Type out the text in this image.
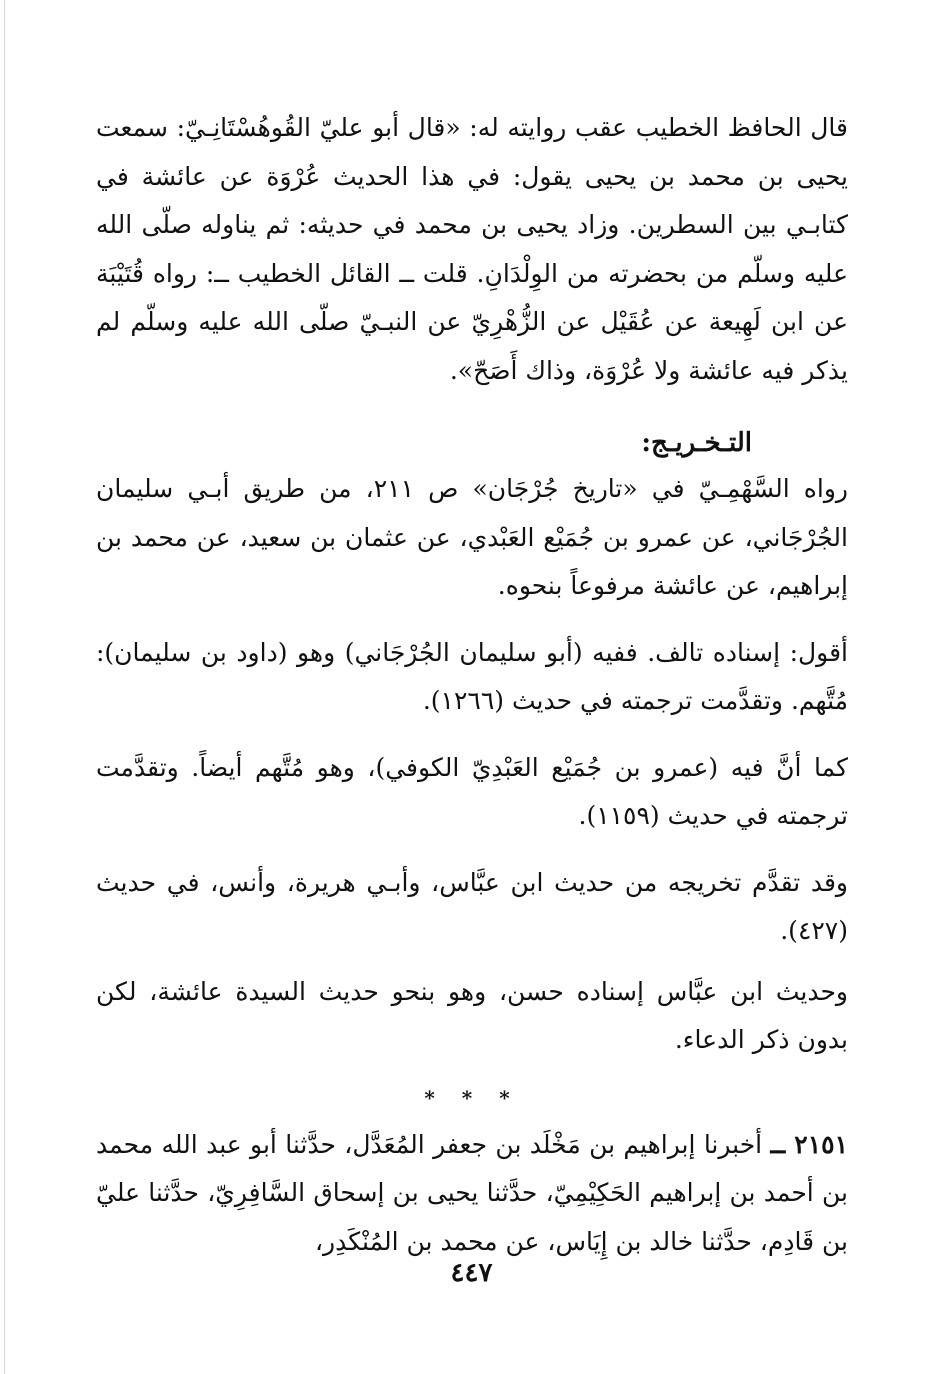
قال الحافظ الخطيب عقب روايته له: «قال أبو عليّ القُوهُسْتَانِـيّ: سمعت يحيى بن محمد بن يحيى يقول: في هذا الحديث عُرْوَة عن عائشة في كتابـي بين السطرين. وزاد يحيى بن محمد في حديثه: ثم يناوله صلّى الله عليه وسلّم من بحضرته من الوِلْدَانِ. قلت ــ القائل الخطيب ــ: رواه قُتَيْبَة عن ابن لَهِيعة عن عُقَيْل عن الزُّهْرِيّ عن النبـيّ صلّى الله عليه وسلّم لم يذكر فيه عائشة ولا عُرْوَة، وذاك أَصَحّ».

التـخـريـج:

رواه السَّهْمِـيّ في «تاريخ جُرْجَان» ص ٢١١، من طريق أبـي سليمان الجُرْجَاني، عن عمرو بن جُمَيْع العَبْدي، عن عثمان بن سعيد، عن محمد بن إبراهيم، عن عائشة مرفوعاً بنحوه.

أقول: إسناده تالف. ففيه (أبو سليمان الجُرْجَاني) وهو (داود بن سليمان): مُتَّهم. وتقدَّمت ترجمته في حديث (١٢٦٦).

كما أنَّ فيه (عمرو بن جُمَيْع العَبْدِيّ الكوفي)، وهو مُتَّهم أيضاً. وتقدَّمت ترجمته في حديث (١١٥٩).

وقد تقدَّم تخريجه من حديث ابن عبَّاس، وأبـي هريرة، وأنس، في حديث (٤٢٧).

وحديث ابن عبَّاس إسناده حسن، وهو بنحو حديث السيدة عائشة، لكن بدون ذكر الدعاء.

* * *

٢١٥١ ــ أخبرنا إبراهيم بن مَخْلَد بن جعفر المُعَدَّل، حدَّثنا أبو عبد الله محمد بن أحمد بن إبراهيم الحَكِيْمِيّ، حدَّثنا يحيى بن إسحاق السَّافِرِيّ، حدَّثنا عليّ بن قَادِم، حدَّثنا خالد بن إِيَاس، عن محمد بن المُنْكَدِر،

٤٤٧
